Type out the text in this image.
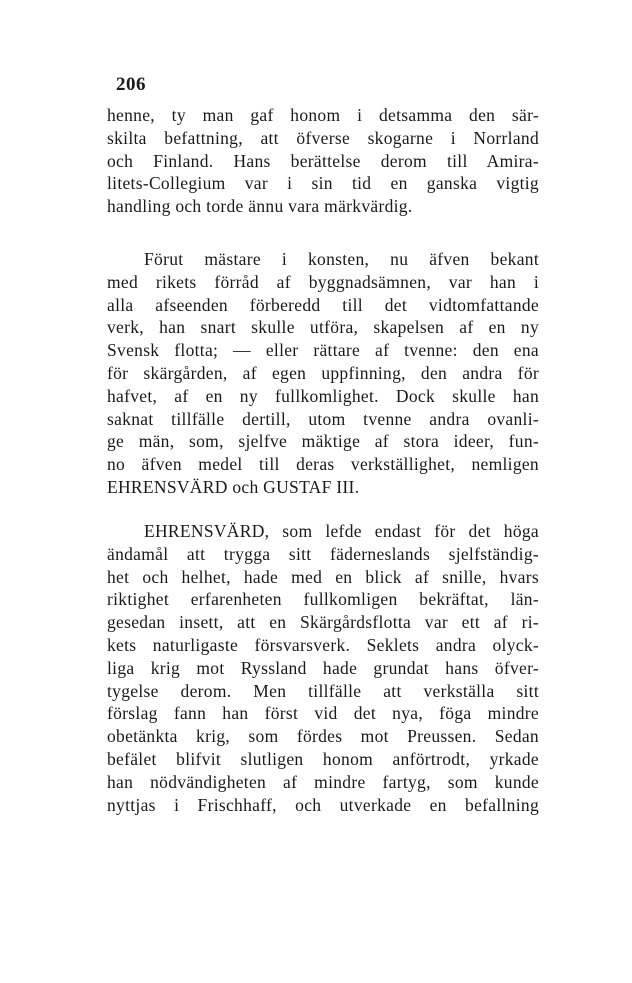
206
henne, ty man gaf honom i detsamma den sär-
skilta befattning, att öfverse skogarne i Norrland
och Finland. Hans berättelse derom till Amira-
litets-Collegium var i sin tid en ganska vigtig
handling och torde ännu vara märkvärdig.
Förut mästare i konsten, nu äfven bekant
med rikets förråd af byggnadsämnen, var han i
alla afseenden förberedd till det vidtomfattande
verk, han snart skulle utföra, skapelsen af en ny
Svensk flotta; — eller rättare af tvenne: den ena
för skärgården, af egen uppfinning, den andra för
hafvet, af en ny fullkomlighet. Dock skulle han
saknat tillfälle dertill, utom tvenne andra ovanli-
ge män, som, sjelfve mäktige af stora ideer, fun-
no äfven medel till deras verkställighet, nemligen
EHRENSVÄRD och GUSTAF III.
EHRENSVÄRD, som lefde endast för det höga
ändamål att trygga sitt fäderneslands sjelfständig-
het och helhet, hade med en blick af snille, hvars
riktighet erfarenheten fullkomligen bekräftat, län-
gesedan insett, att en Skärgårdsflotta var ett af ri-
kets naturligaste försvarsverk. Seklets andra olyck-
liga krig mot Ryssland hade grundat hans öfver-
tygelse derom. Men tillfälle att verkställa sitt
förslag fann han först vid det nya, föga mindre
obetänkta krig, som fördes mot Preussen. Sedan
befälet blifvit slutligen honom anförtrodt, yrkade
han nödvändigheten af mindre fartyg, som kunde
nyttjas i Frischhaff, och utverkade en befallning
